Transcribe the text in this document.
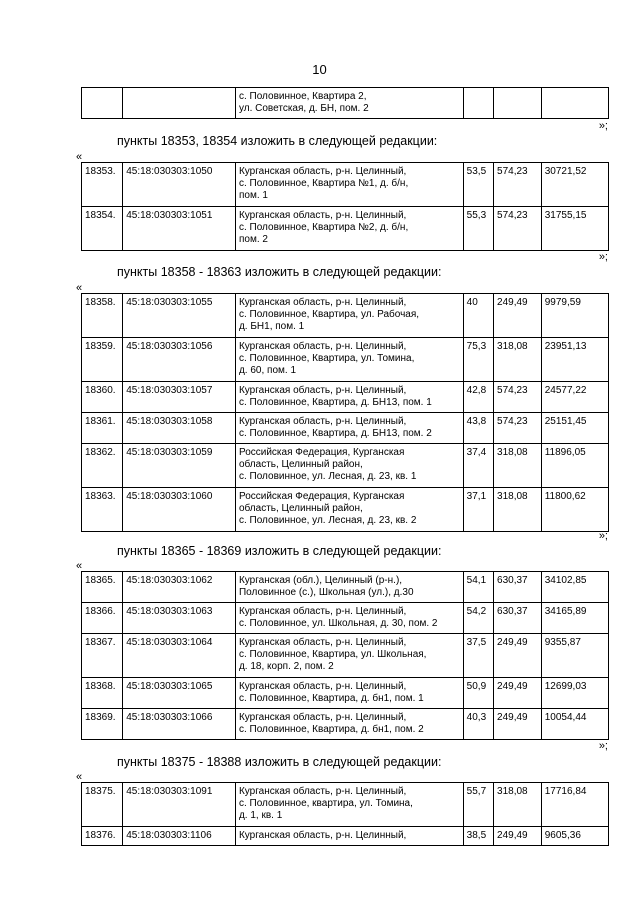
10
		с. Половинное, Квартира 2,
ул. Советская, д. БН, пом. 2			
»;
пункты 18353, 18354 изложить в следующей редакции:
«
18353.	45:18:030303:1050	Курганская область, р-н. Целинный,
с. Половинное, Квартира №1, д. б/н,
пом. 1	53,5	574,23	30721,52
18354.	45:18:030303:1051	Курганская область, р-н. Целинный,
с. Половинное, Квартира №2, д. б/н,
пом. 2	55,3	574,23	31755,15
»;
пункты 18358 - 18363 изложить в следующей редакции:
«
18358.	45:18:030303:1055	Курганская область, р-н. Целинный,
с. Половинное, Квартира, ул. Рабочая,
д. БН1, пом. 1	40	249,49	9979,59
18359.	45:18:030303:1056	Курганская область, р-н. Целинный,
с. Половинное, Квартира, ул. Томина,
д. 60, пом. 1	75,3	318,08	23951,13
18360.	45:18:030303:1057	Курганская область, р-н. Целинный,
с. Половинное, Квартира, д. БН13, пом. 1	42,8	574,23	24577,22
18361.	45:18:030303:1058	Курганская область, р-н. Целинный,
с. Половинное, Квартира, д. БН13, пом. 2	43,8	574,23	25151,45
18362.	45:18:030303:1059	Российская Федерация, Курганская
область, Целинный район,
с. Половинное, ул. Лесная, д. 23, кв. 1	37,4	318,08	11896,05
18363.	45:18:030303:1060	Российская Федерация, Курганская
область, Целинный район,
с. Половинное, ул. Лесная, д. 23, кв. 2	37,1	318,08	11800,62
»;
пункты 18365 - 18369 изложить в следующей редакции:
«
18365.	45:18:030303:1062	Курганская (обл.), Целинный (р-н.),
Половинное (с.), Школьная (ул.), д.30	54,1	630,37	34102,85
18366.	45:18:030303:1063	Курганская область, р-н. Целинный,
с. Половинное, ул. Школьная, д. 30, пом. 2	54,2	630,37	34165,89
18367.	45:18:030303:1064	Курганская область, р-н. Целинный,
с. Половинное, Квартира, ул. Школьная,
д. 18, корп. 2, пом. 2	37,5	249,49	9355,87
18368.	45:18:030303:1065	Курганская область, р-н. Целинный,
с. Половинное, Квартира, д. бн1, пом. 1	50,9	249,49	12699,03
18369.	45:18:030303:1066	Курганская область, р-н. Целинный,
с. Половинное, Квартира, д. бн1, пом. 2	40,3	249,49	10054,44
»;
пункты 18375 - 18388 изложить в следующей редакции:
«
18375.	45:18:030303:1091	Курганская область, р-н. Целинный,
с. Половинное, квартира, ул. Томина,
д. 1, кв. 1	55,7	318,08	17716,84
18376.	45:18:030303:1106	Курганская область, р-н. Целинный,	38,5	249,49	9605,36
